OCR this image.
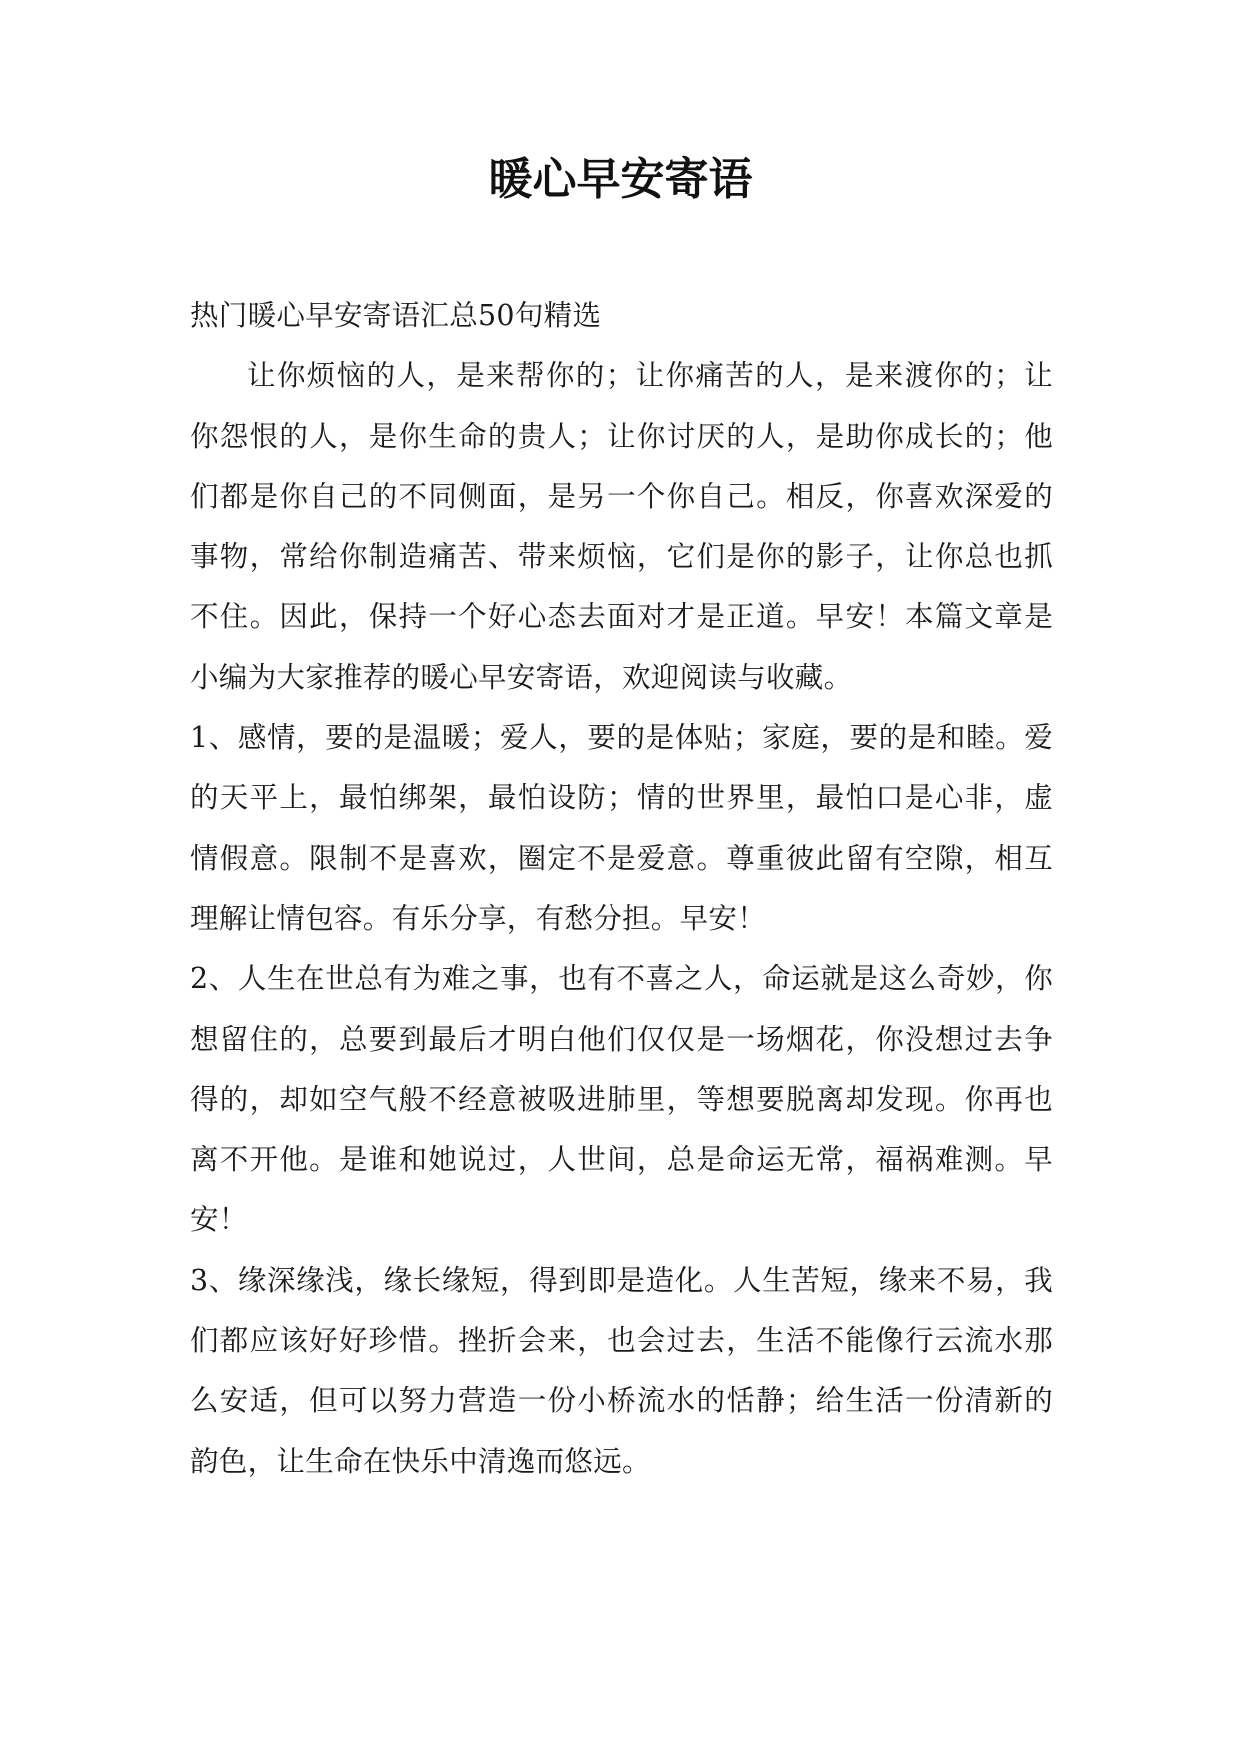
暖心早安寄语

热门暖心早安寄语汇总50句精选

让你烦恼的人，是来帮你的；让你痛苦的人，是来渡你的；让你怨恨的人，是你生命的贵人；让你讨厌的人，是助你成长的；他们都是你自己的不同侧面，是另一个你自己。相反，你喜欢深爱的事物，常给你制造痛苦、带来烦恼，它们是你的影子，让你总也抓不住。因此，保持一个好心态去面对才是正道。早安！本篇文章是小编为大家推荐的暖心早安寄语，欢迎阅读与收藏。

1、感情，要的是温暖；爱人，要的是体贴；家庭，要的是和睦。爱的天平上，最怕绑架，最怕设防；情的世界里，最怕口是心非，虚情假意。限制不是喜欢，圈定不是爱意。尊重彼此留有空隙，相互理解让情包容。有乐分享，有愁分担。早安！

2、人生在世总有为难之事，也有不喜之人，命运就是这么奇妙，你想留住的，总要到最后才明白他们仅仅是一场烟花，你没想过去争得的，却如空气般不经意被吸进肺里，等想要脱离却发现。你再也离不开他。是谁和她说过，人世间，总是命运无常，福祸难测。早安！

3、缘深缘浅，缘长缘短，得到即是造化。人生苦短，缘来不易，我们都应该好好珍惜。挫折会来，也会过去，生活不能像行云流水那么安适，但可以努力营造一份小桥流水的恬静；给生活一份清新的韵色，让生命在快乐中清逸而悠远。
